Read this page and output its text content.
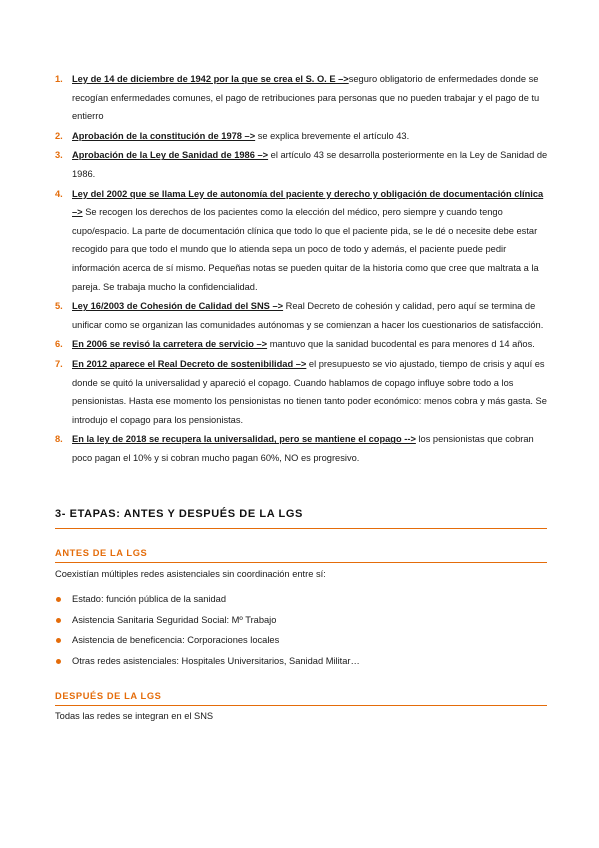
1. Ley de 14 de diciembre de 1942 por la que se crea el S. O. E –>seguro obligatorio de enfermedades donde se recogían enfermedades comunes, el pago de retribuciones para personas que no pueden trabajar y el pago de tu entierro
2. Aprobación de la constitución de 1978 –> se explica brevemente el artículo 43.
3. Aprobación de la Ley de Sanidad de 1986 –> el artículo 43 se desarrolla posteriormente en la Ley de Sanidad de 1986.
4. Ley del 2002 que se llama Ley de autonomía del paciente y derecho y obligación de documentación clínica –> Se recogen los derechos de los pacientes como la elección del médico, pero siempre y cuando tengo cupo/espacio. La parte de documentación clínica que todo lo que el paciente pida, se le dé o necesite debe estar recogido para que todo el mundo que lo atienda sepa un poco de todo y además, el paciente puede pedir información acerca de sí mismo. Pequeñas notas se pueden quitar de la historia como que cree que maltrata a la pareja. Se trabaja mucho la confidencialidad.
5. Ley 16/2003 de Cohesión de Calidad del SNS –> Real Decreto de cohesión y calidad, pero aquí se termina de unificar como se organizan las comunidades autónomas y se comienzan a hacer los cuestionarios de satisfacción.
6. En 2006 se revisó la carretera de servicio –> mantuvo que la sanidad bucodental es para menores d 14 años.
7. En 2012 aparece el Real Decreto de sostenibilidad –> el presupuesto se vio ajustado, tiempo de crisis y aquí es donde se quitó la universalidad y apareció el copago. Cuando hablamos de copago influye sobre todo a los pensionistas. Hasta ese momento los pensionistas no tienen tanto poder económico: menos cobra y más gasta. Se introdujo el copago para los pensionistas.
8. En la ley de 2018 se recupera la universalidad, pero se mantiene el copago --> los pensionistas que cobran poco pagan el 10% y si cobran mucho pagan 60%, NO es progresivo.
3- ETAPAS: ANTES Y DESPUÉS DE LA LGS
ANTES DE LA LGS
Coexistían múltiples redes asistenciales sin coordinación entre sí:
Estado: función pública de la sanidad
Asistencia Sanitaria Seguridad Social: Mº Trabajo
Asistencia de beneficencia: Corporaciones locales
Otras redes asistenciales: Hospitales Universitarios, Sanidad Militar…
DESPUÉS DE LA LGS
Todas las redes se integran en el SNS
